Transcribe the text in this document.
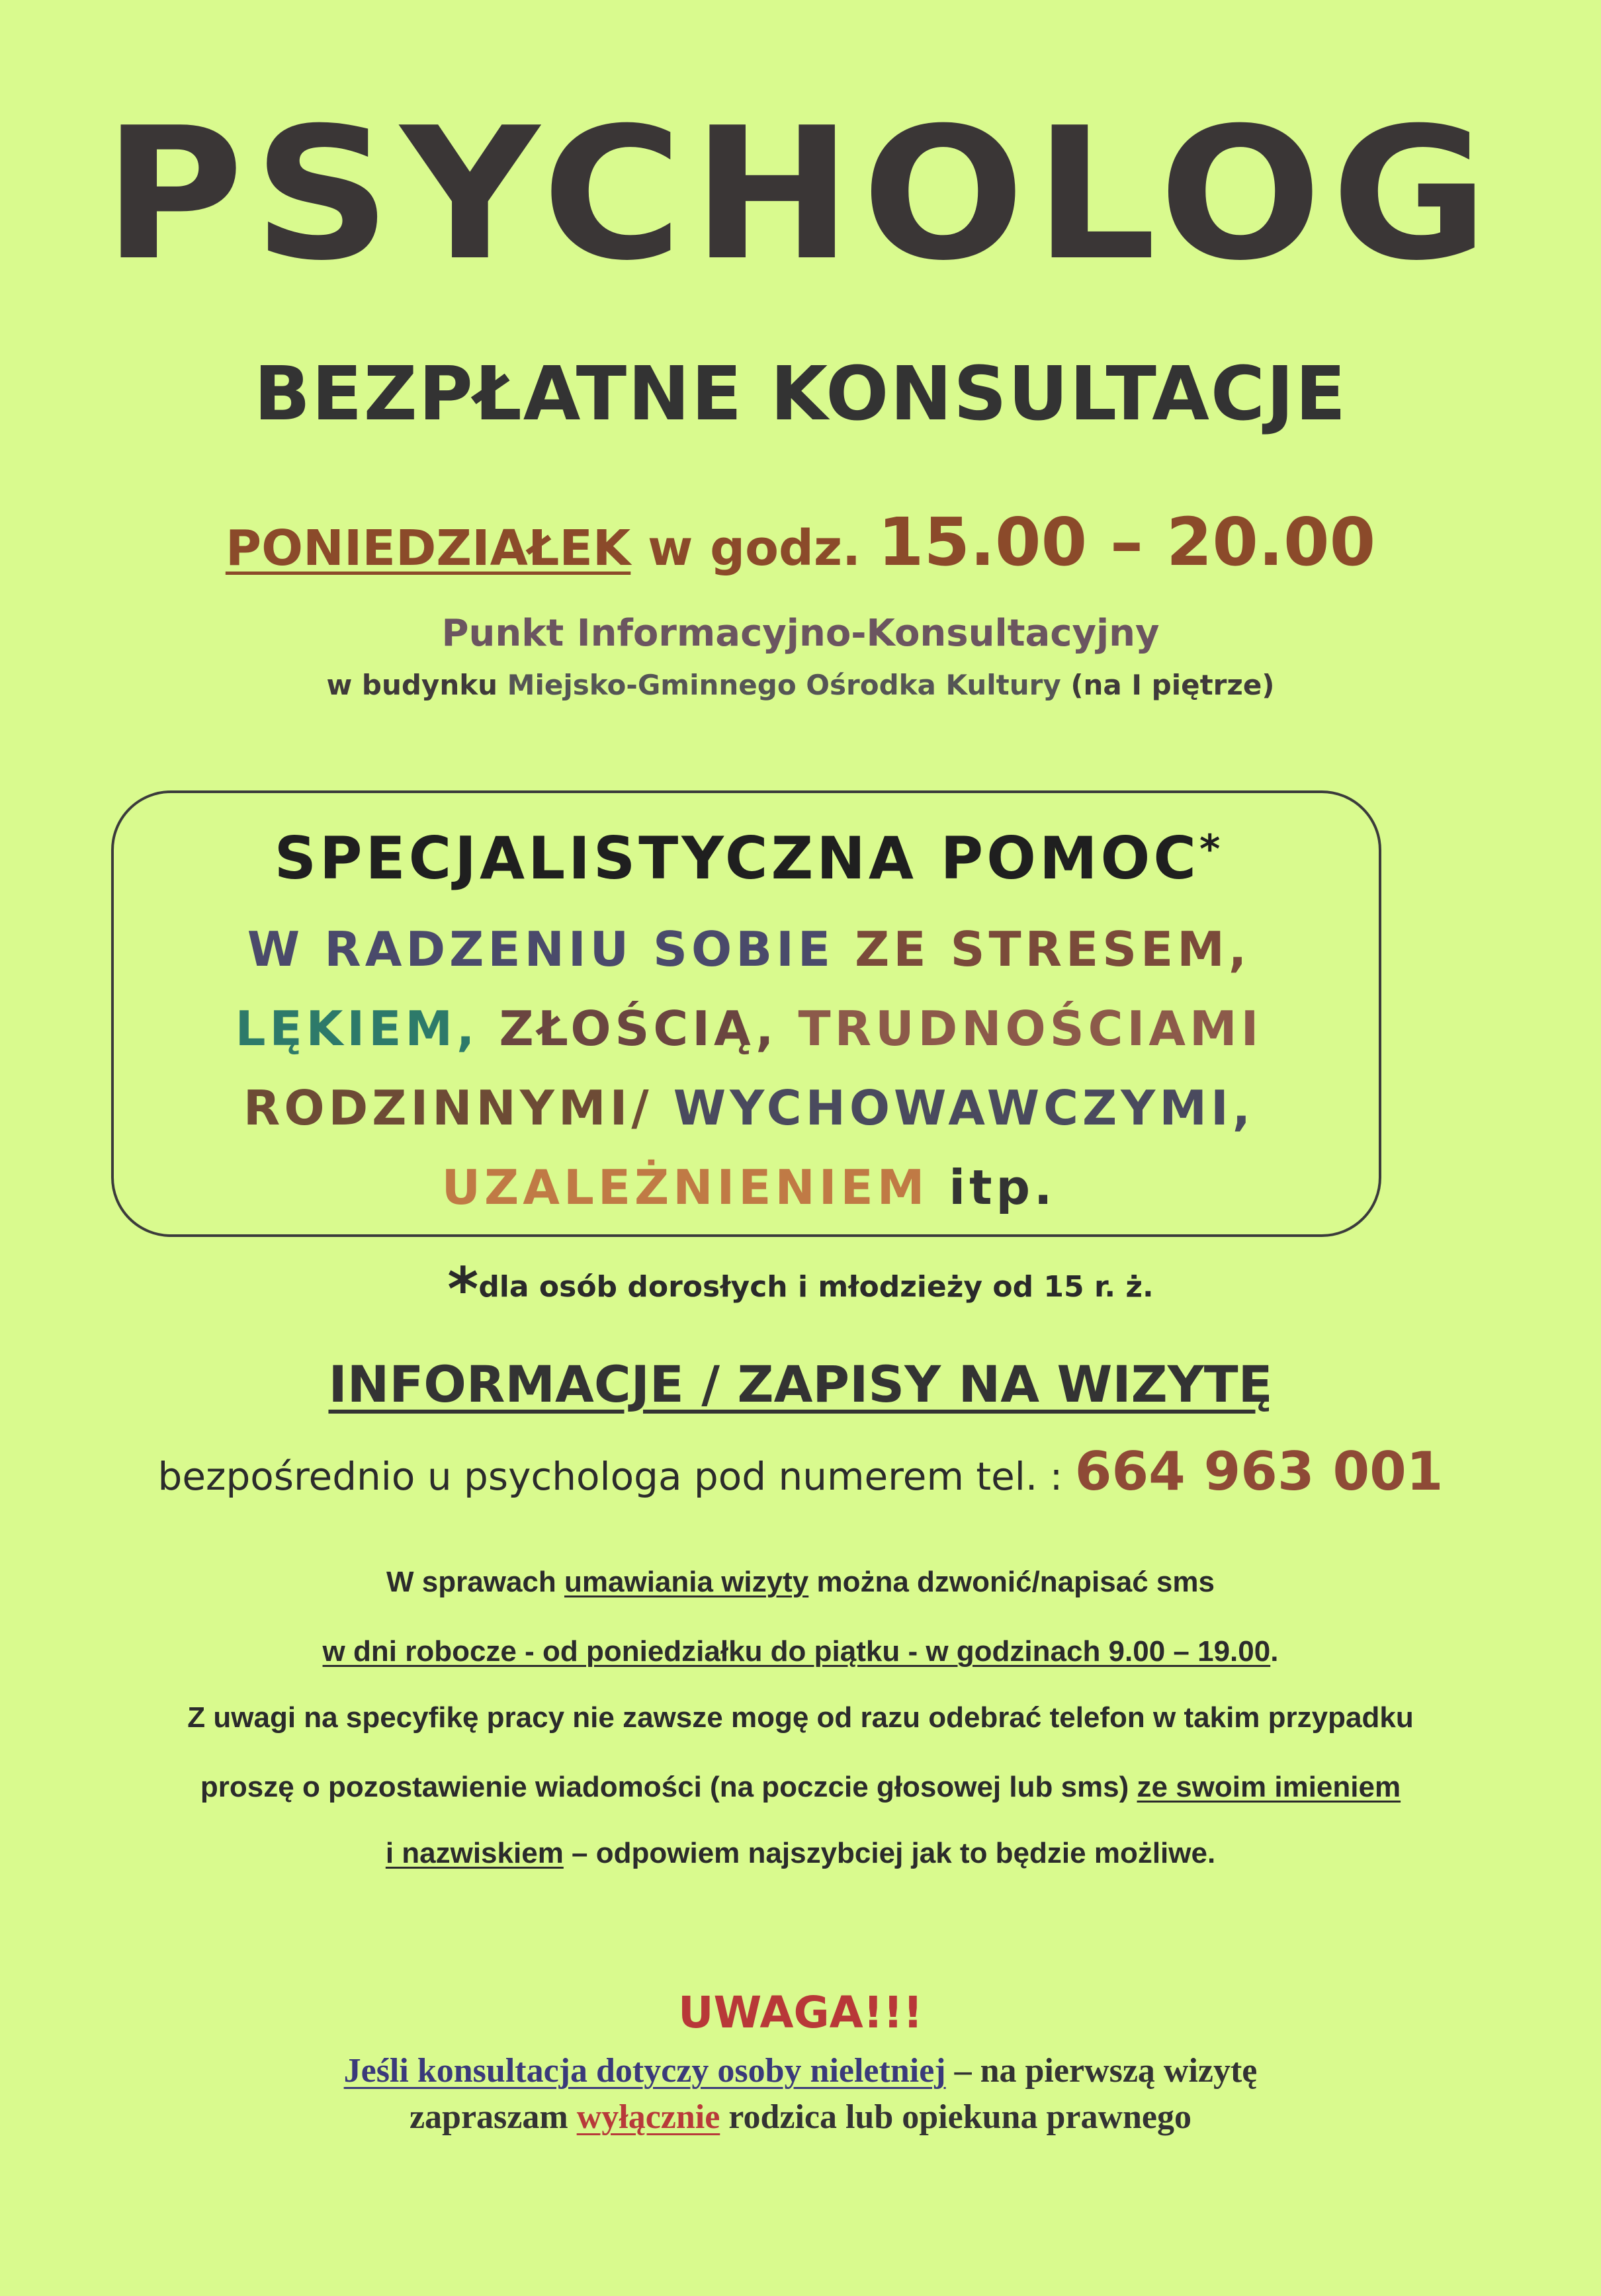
PSYCHOLOG
BEZPŁATNE KONSULTACJE
PONIEDZIAŁEK w godz. 15.00 – 20.00
Punkt Informacyjno-Konsultacyjny
w budynku Miejsko-Gminnego Ośrodka Kultury (na I piętrze)
SPECJALISTYCZNA POMOC*
W RADZENIU SOBIE ZE STRESEM,
LĘKIEM, ZŁOŚCIĄ, TRUDNOŚCIAMI
RODZINNYMI/ WYCHOWAWCZYMI,
UZALEŻNIENIEM itp.
*dla osób dorosłych i młodzieży od 15 r. ż.
INFORMACJE / ZAPISY NA WIZYTĘ
bezpośrednio u psychologa pod numerem tel. : 664 963 001
W sprawach umawiania wizyty można dzwonić/napisać sms
w dni robocze - od poniedziałku do piątku - w godzinach 9.00 – 19.00.
Z uwagi na specyfikę pracy nie zawsze mogę od razu odebrać telefon w takim przypadku
proszę o pozostawienie wiadomości (na poczcie głosowej lub sms) ze swoim imieniem
i nazwiskiem – odpowiem najszybciej jak to będzie możliwe.
UWAGA!!!
Jeśli konsultacja dotyczy osoby nieletniej – na pierwszą wizytę
zapraszam wyłącznie rodzica lub opiekuna prawnego
